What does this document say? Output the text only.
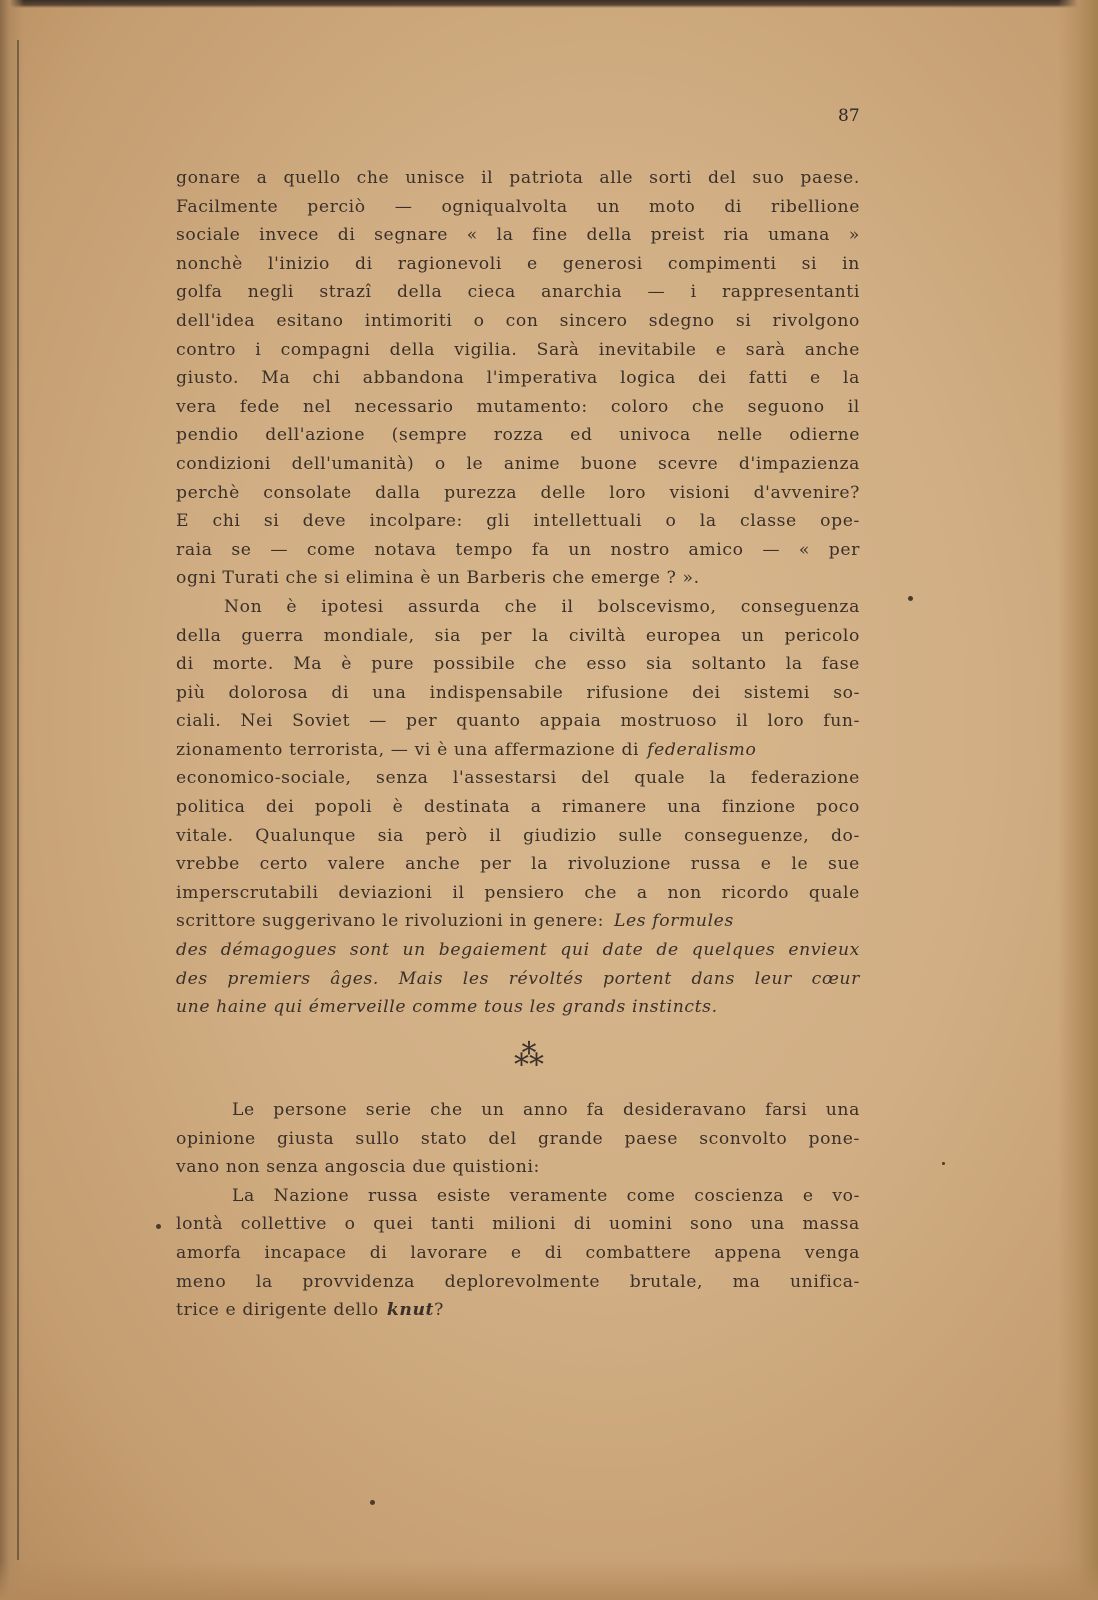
87
gonare a quello che unisce il patriota alle sorti del suo paese.
Facilmente perciò — ogniqualvolta un moto di ribellione
sociale invece di segnare « la fine della preist ria umana »
nonchè l'inizio di ragionevoli e generosi compimenti si in
golfa negli strazî della cieca anarchia — i rappresentanti
dell'idea esitano intimoriti o con sincero sdegno si rivolgono
contro i compagni della vigilia. Sarà inevitabile e sarà anche
giusto. Ma chi abbandona l'imperativa logica dei fatti e la
vera fede nel necessario mutamento: coloro che seguono il
pendio dell'azione (sempre rozza ed univoca nelle odierne
condizioni dell'umanità) o le anime buone scevre d'impazienza
perchè consolate dalla purezza delle loro visioni d'avvenire?
E chi si deve incolpare: gli intellettuali o la classe ope-
raia se — come notava tempo fa un nostro amico — « per
ogni Turati che si elimina è un Barberis che emerge ? ».
Non è ipotesi assurda che il bolscevismo, conseguenza
della guerra mondiale, sia per la civiltà europea un pericolo
di morte. Ma è pure possibile che esso sia soltanto la fase
più dolorosa di una indispensabile rifusione dei sistemi so-
ciali. Nei Soviet — per quanto appaia mostruoso il loro fun-
zionamento terrorista, — vi è una affermazione di federalismo
economico-sociale, senza l'assestarsi del quale la federazione
politica dei popoli è destinata a rimanere una finzione poco
vitale. Qualunque sia però il giudizio sulle conseguenze, do-
vrebbe certo valere anche per la rivoluzione russa e le sue
imperscrutabili deviazioni il pensiero che a non ricordo quale
scrittore suggerivano le rivoluzioni in genere: Les formules
des démagogues sont un begaiement qui date de quelques envieux
des premiers âges. Mais les révoltés portent dans leur cœur
une haine qui émerveille comme tous les grands instincts.
⁂
Le persone serie che un anno fa desideravano farsi una
opinione giusta sullo stato del grande paese sconvolto pone-
vano non senza angoscia due quistioni:
La Nazione russa esiste veramente come coscienza e vo-
lontà collettive o quei tanti milioni di uomini sono una massa
amorfa incapace di lavorare e di combattere appena venga
meno la provvidenza deplorevolmente brutale, ma unifica-
trice e dirigente dello knut ?
